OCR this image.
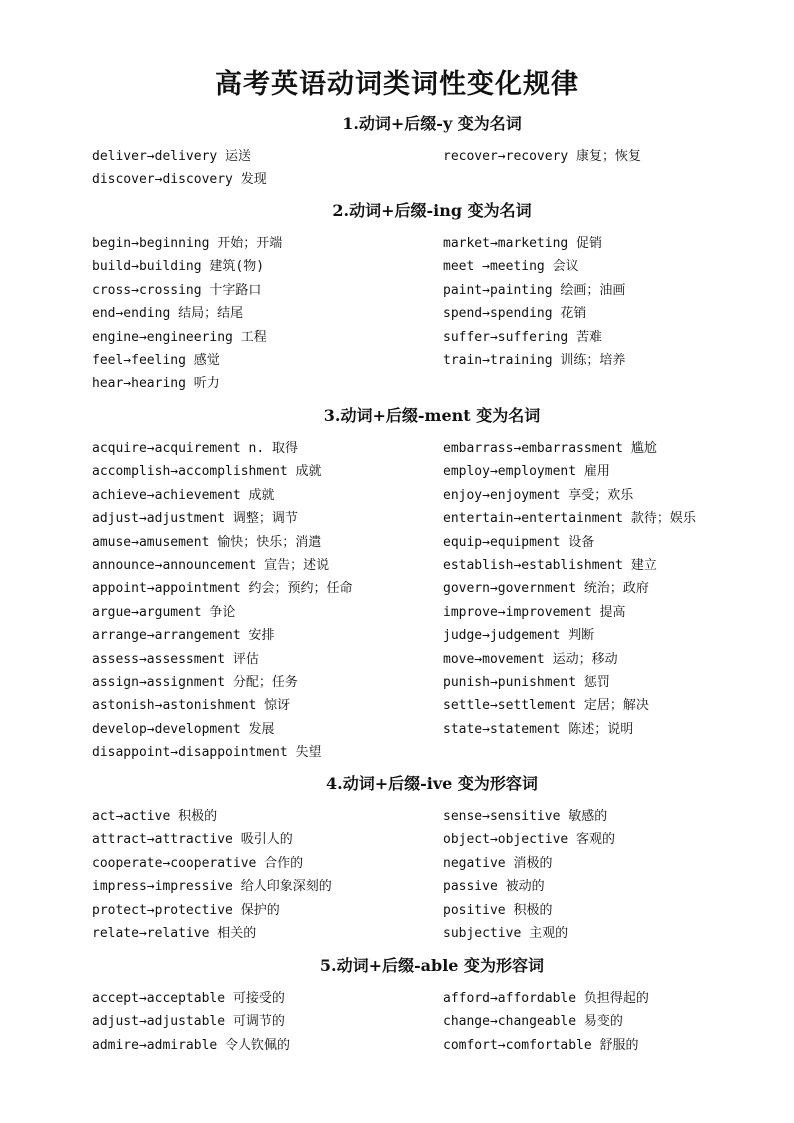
高考英语动词类词性变化规律
1.动词+后缀-y 变为名词
deliver→delivery 运送
discover→discovery 发现
recover→recovery 康复；恢复
2.动词+后缀-ing 变为名词
begin→beginning 开始；开端
build→building 建筑(物)
cross→crossing 十字路口
end→ending 结局；结尾
engine→engineering 工程
feel→feeling 感觉
hear→hearing 听力
market→marketing 促销
meet →meeting 会议
paint→painting 绘画；油画
spend→spending 花销
suffer→suffering 苦难
train→training 训练；培养
3.动词+后缀-ment 变为名词
acquire→acquirement n. 取得
accomplish→accomplishment 成就
achieve→achievement 成就
adjust→adjustment 调整；调节
amuse→amusement 愉快；快乐；消遣
announce→announcement 宣告；述说
appoint→appointment 约会；预约；任命
argue→argument 争论
arrange→arrangement 安排
assess→assessment 评估
assign→assignment 分配；任务
astonish→astonishment 惊讶
develop→development 发展
disappoint→disappointment 失望
embarrass→embarrassment 尴尬
employ→employment 雇用
enjoy→enjoyment 享受；欢乐
entertain→entertainment 款待；娱乐
equip→equipment 设备
establish→establishment 建立
govern→government 统治；政府
improve→improvement 提高
judge→judgement 判断
move→movement 运动；移动
punish→punishment 惩罚
settle→settlement 定居；解决
state→statement 陈述；说明
4.动词+后缀-ive 变为形容词
act→active 积极的
attract→attractive 吸引人的
cooperate→cooperative 合作的
impress→impressive 给人印象深刻的
protect→protective 保护的
relate→relative 相关的
sense→sensitive 敏感的
object→objective 客观的
negative 消极的
passive 被动的
positive 积极的
subjective 主观的
5.动词+后缀-able 变为形容词
accept→acceptable 可接受的
adjust→adjustable 可调节的
admire→admirable 令人钦佩的
afford→affordable 负担得起的
change→changeable 易变的
comfort→comfortable 舒服的
